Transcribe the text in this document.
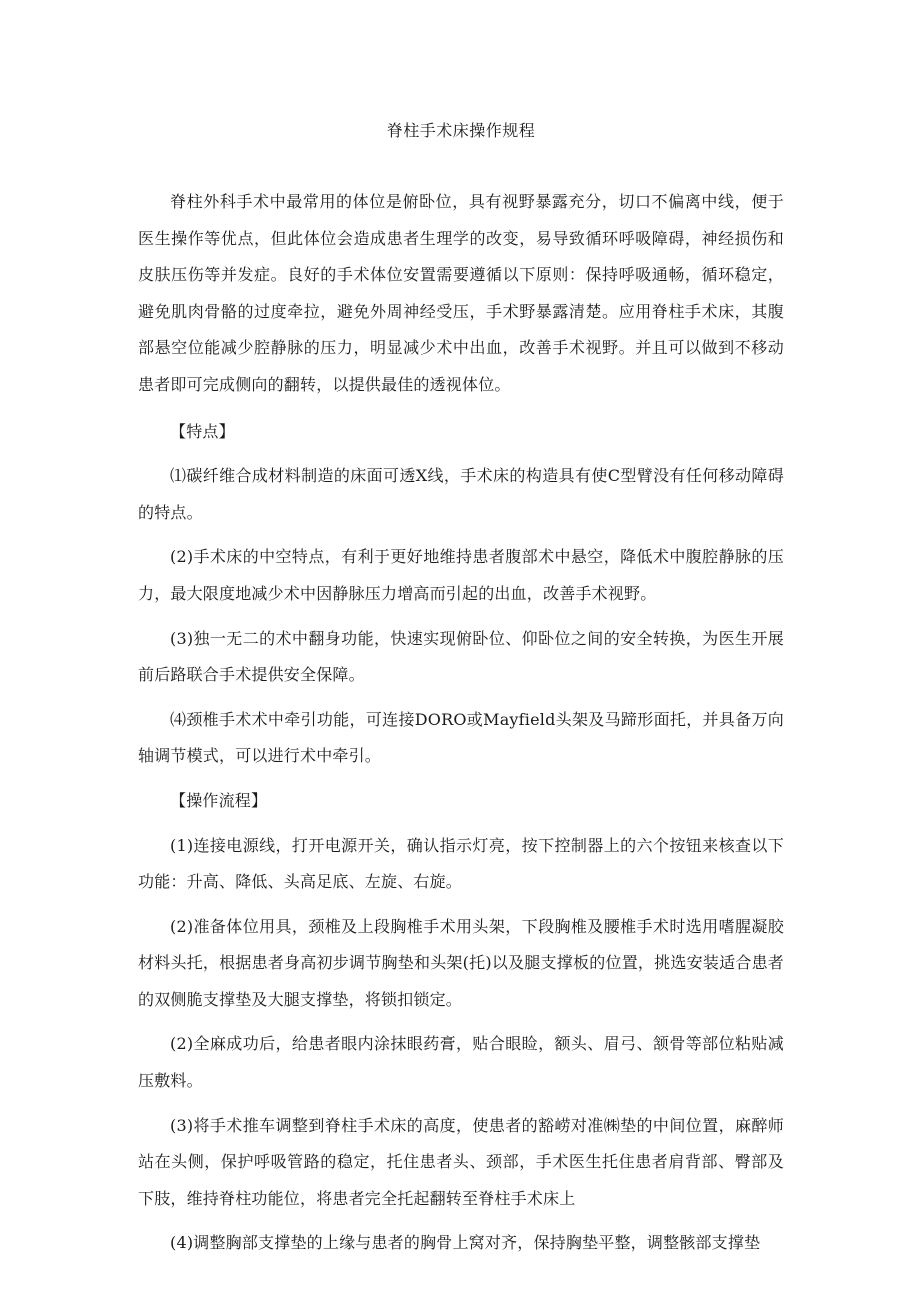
脊柱手术床操作规程

脊柱外科手术中最常用的体位是俯卧位，具有视野暴露充分，切口不偏离中线，便于医生操作等优点，但此体位会造成患者生理学的改变，易导致循环呼吸障碍，神经损伤和皮肤压伤等并发症。良好的手术体位安置需要遵循以下原则：保持呼吸通畅，循环稳定，避免肌肉骨骼的过度牵拉，避免外周神经受压，手术野暴露清楚。应用脊柱手术床，其腹部悬空位能减少腔静脉的压力，明显减少术中出血，改善手术视野。并且可以做到不移动患者即可完成侧向的翻转，以提供最佳的透视体位。

【特点】

⑴碳纤维合成材料制造的床面可透X线，手术床的构造具有使C型臂没有任何移动障碍的特点。

(2)手术床的中空特点，有利于更好地维持患者腹部术中悬空，降低术中腹腔静脉的压力，最大限度地减少术中因静脉压力增高而引起的出血，改善手术视野。

(3)独一无二的术中翻身功能，快速实现俯卧位、仰卧位之间的安全转换，为医生开展前后路联合手术提供安全保障。

⑷颈椎手术术中牵引功能，可连接DORO或Mayfield头架及马蹄形面托，并具备万向轴调节模式，可以进行术中牵引。

【操作流程】

(1)连接电源线，打开电源开关，确认指示灯亮，按下控制器上的六个按钮来核查以下功能：升高、降低、头高足底、左旋、右旋。

(2)准备体位用具，颈椎及上段胸椎手术用头架，下段胸椎及腰椎手术时选用嗜腥凝胶材料头托，根据患者身高初步调节胸垫和头架(托)以及腿支撑板的位置，挑选安装适合患者的双侧脆支撑垫及大腿支撑垫，将锁扣锁定。

(2)全麻成功后，给患者眼内涂抹眼药膏，贴合眼睑，额头、眉弓、颔骨等部位粘贴减压敷料。

(3)将手术推车调整到脊柱手术床的高度，使患者的豁崂对准㈱垫的中间位置，麻醉师站在头侧，保护呼吸管路的稳定，托住患者头、颈部，手术医生托住患者肩背部、臀部及下肢，维持脊柱功能位，将患者完全托起翻转至脊柱手术床上

(4)调整胸部支撑垫的上缘与患者的胸骨上窝对齐，保持胸垫平整，调整骸部支撑垫
